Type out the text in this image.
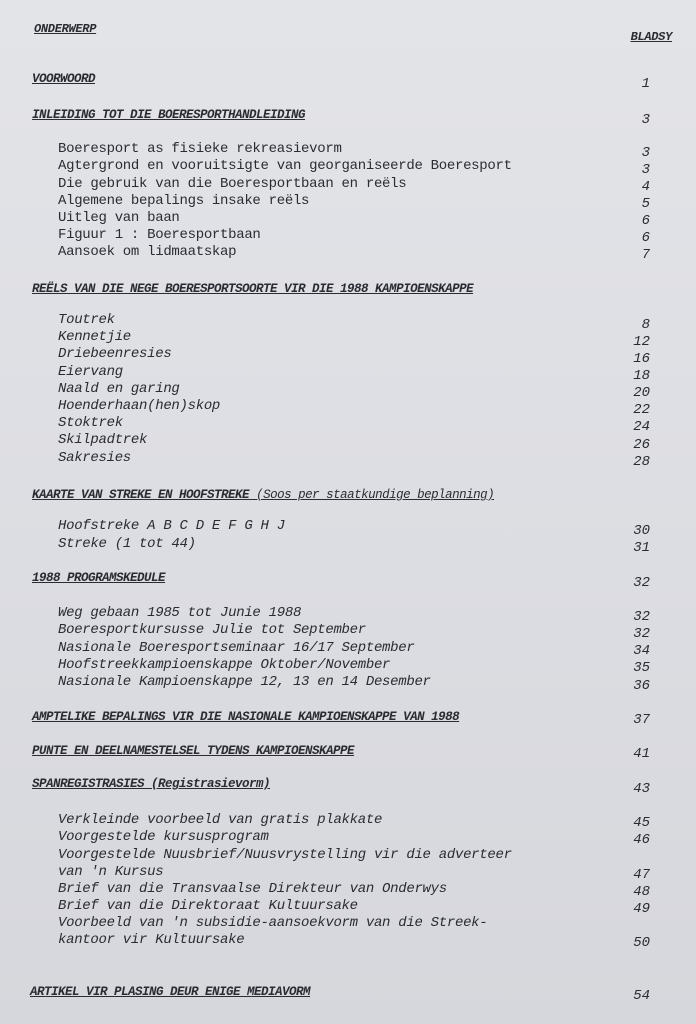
ONDERWERP
BLADSY
VOORWOORD	1
INLEIDING TOT DIE BOERESPORTHANDLEIDING	3
Boeresport as fisieke rekreasievorm	3
Agtergrond en vooruitsigte van georganiseerde Boeresport	3
Die gebruik van die Boeresportbaan en reëls	4
Algemene bepalings insake reëls	5
Uitleg van baan	6
Figuur 1 : Boeresportbaan	6
Aansoek om lidmaatskap	7
REËLS VAN DIE NEGE BOERESPORTSOORTE VIR DIE 1988 KAMPIOENSKAPPE
Toutrek	8
Kennetjie	12
Driebeenresies	16
Eiervang	18
Naald en garing	20
Hoenderhaan(hen)skop	22
Stoktrek	24
Skilpadtrek	26
Sakresies	28
KAARTE VAN STREKE EN HOOFSTREKE (Soos per staatkundige beplanning)
Hoofstreke A B C D E F G H J	30
Streke (1 tot 44)	31
1988 PROGRAMSKEDULE	32
Weg gebaan 1985 tot Junie 1988	32
Boeresportkursusse Julie tot September	32
Nasionale Boeresportseminaar 16/17 September	34
Hoofstreekkampioenskappe Oktober/November	35
Nasionale Kampioenskappe 12, 13 en 14 Desember	36
AMPTELIKE BEPALINGS VIR DIE NASIONALE KAMPIOENSKAPPE VAN 1988	37
PUNTE EN DEELNAMESTELSEL TYDENS KAMPIOENSKAPPE	41
SPANREGISTRASIES (Registrasievorm)	43
Verkleinde voorbeeld van gratis plakkate	45
Voorgestelde kursusprogram	46
Voorgestelde Nuusbrief/Nuusvrystelling vir die adverteer
van 'n Kursus	47
Brief van die Transvaalse Direkteur van Onderwys	48
Brief van die Direktoraat Kultuursake	49
Voorbeeld van 'n subsidie-aansoekvorm van die Streek-
kantoor vir Kultuursake	50
ARTIKEL VIR PLASING DEUR ENIGE MEDIAVORM	54
